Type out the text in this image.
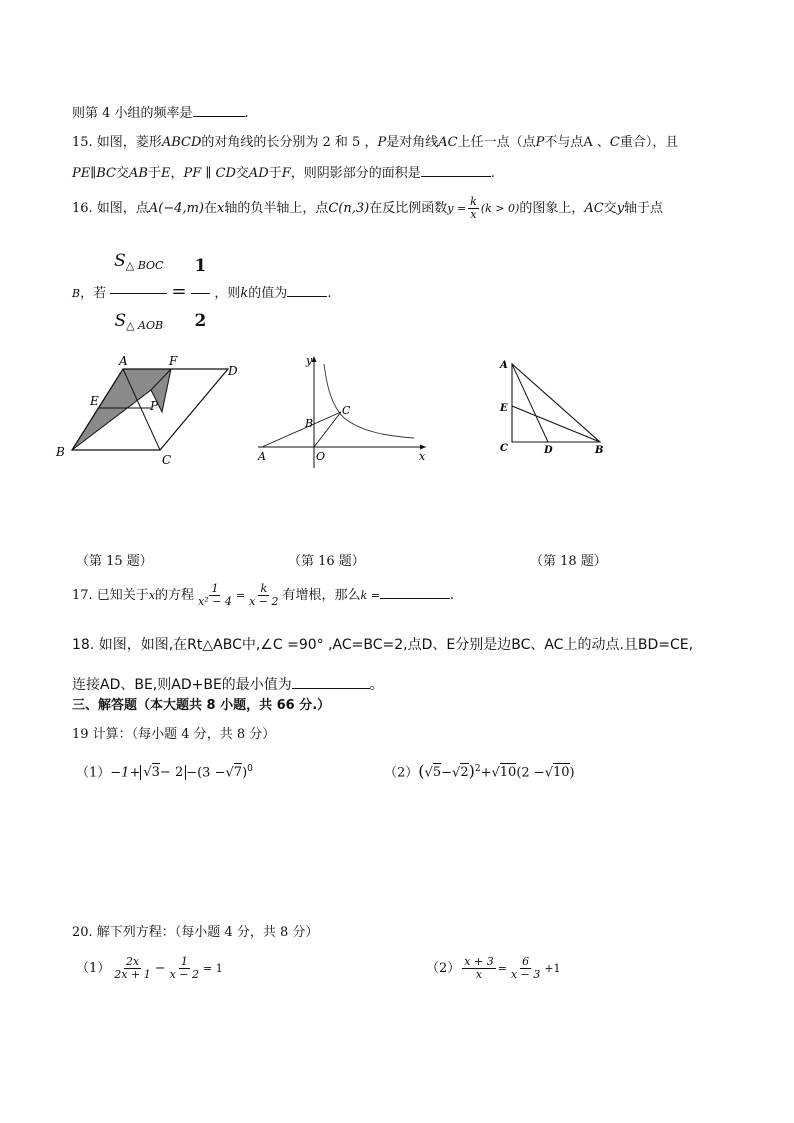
则第 4 小组的频率是	.
15. 如图，菱形ABCD的对角线的长分别为 2 和 5 ，P是对角线AC上任一点（点P不与点A 、C重合），且
PE∥BC交AB于E，PF ∥ CD交AD于F，则阴影部分的面积是	.
16. 如图，点A(−4,m)在x轴的负半轴上，点C(n,3)在反比例函数$y = \frac{k}{x} (k > 0)$的图象上，AC交y轴于点
B，若 $\frac{S_{\triangle BOC}}{S_{\triangle AOB}} = \frac{1}{2}$ ，则k的值为	.
A	F
D
E	P
B
C
y
x
B
C
A	O
A
E
C	D	B
（第 15 题）	（第 16 题）	（第 18 题）
17. 已知关于x的方程 $\frac{1}{\text{x² − 4}} = \frac{k}{x - 2}$ 有增根，那么k =	.
18. 如图，如图,在Rt△ABC中,∠C =90° ,AC=BC=2,点D、E分别是边BC、AC上的动点.且BD=CE,
连接AD、BE,则AD+BE的最小值为	。
三、解答题（本大题共 8 小题，共 66 分.）
19 计算：（每小题 4 分，共 8 分）
$(1)-1+ √3- 2 -(3 -√7)^0$	$(2)(√5-√2)^2+√10(2 -√10)$
20. 解下列方程：（每小题 4 分，共 8 分）
$(1) \frac{2x}{2x + 1} - \frac{1}{x - 2} = 1$	$(2) \frac{x + 3}{x} = \frac{6}{x - 3} +1$
